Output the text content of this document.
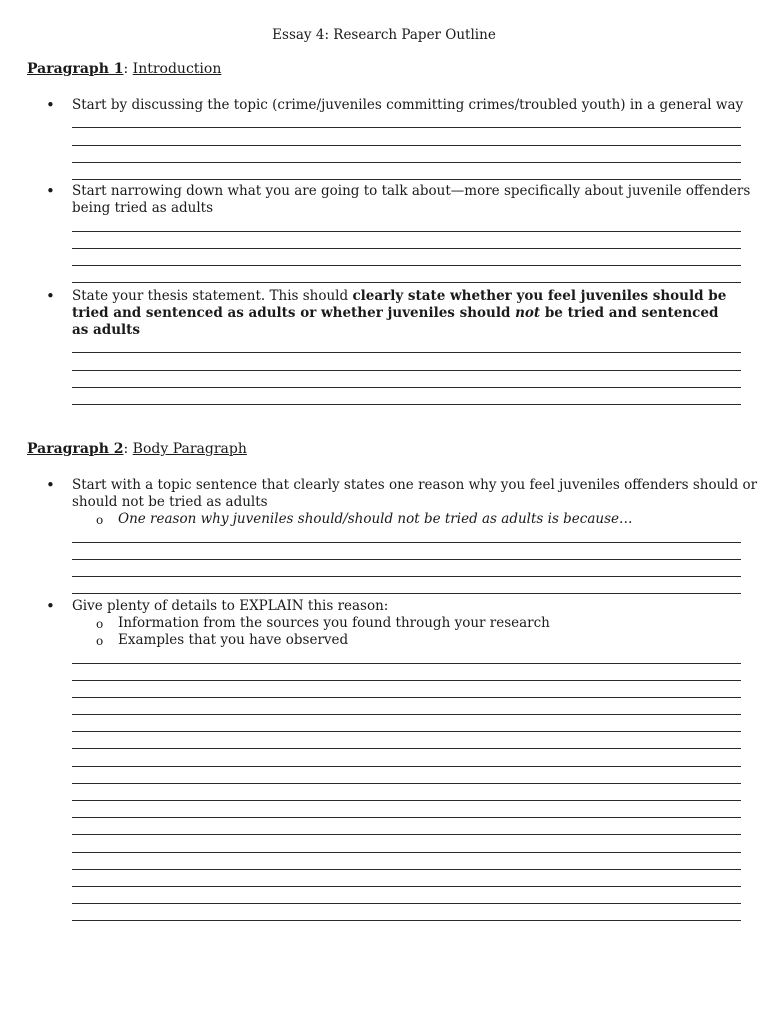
Essay 4: Research Paper Outline
Paragraph 1: Introduction
• Start by discussing the topic (crime/juveniles committing crimes/troubled youth) in a general way
• Start narrowing down what you are going to talk about—more specifically about juvenile offenders
being tried as adults
• State your thesis statement. This should clearly state whether you feel juveniles should be
tried and sentenced as adults or whether juveniles should not be tried and sentenced
as adults
Paragraph 2: Body Paragraph
• Start with a topic sentence that clearly states one reason why you feel juveniles offenders should or
should not be tried as adults
o One reason why juveniles should/should not be tried as adults is because…
• Give plenty of details to EXPLAIN this reason:
o Information from the sources you found through your research
o Examples that you have observed
